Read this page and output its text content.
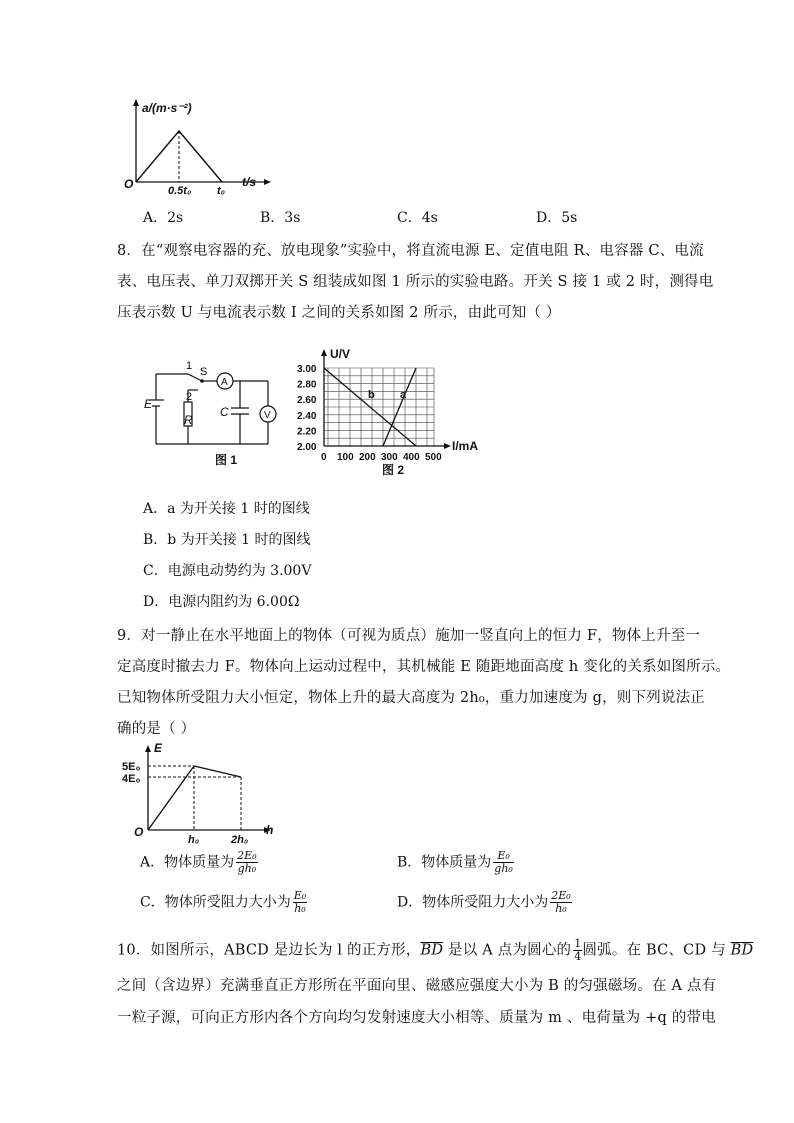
a/(m·s⁻²)
t/s
O	0.5t₀ t₀
A．2s	B．3s	C．4s	D．5s
8．在“观察电容器的充、放电现象”实验中，将直流电源 E、定值电阻 R、电容器 C、电流
表、电压表、单刀双掷开关 S 组装成如图 1 所示的实验电路。开关 S 接 1 或 2 时，测得电
压表示数 U 与电流表示数 I 之间的关系如图 2 所示，由此可知（ ）
1
2
S
A
V
E
R
C
图 1
b a
U/V
I/mA
3.00
2.80
2.60
2.40
2.20
2.00
0 100 200 300 400 500
图 2
A．a 为开关接 1 时的图线
B．b 为开关接 1 时的图线
C．电源电动势约为 3.00V
D．电源内阻约为 6.00Ω
9．对一静止在水平地面上的物体（可视为质点）施加一竖直向上的恒力 F，物体上升至一
定高度时撤去力 F。物体向上运动过程中，其机械能 E 随距地面高度 h 变化的关系如图所示。
已知物体所受阻力大小恒定，物体上升的最大高度为 2h₀，重力加速度为 g，则下列说法正
确的是（ ）
E
h
O
5E₀
4E₀
h₀	2h₀
A．物体质量为 $\frac{\text{2E₀}}{\text{gh₀}}$	B．物体质量为 $\frac{\text{E₀}}{\text{gh₀}}$
C．物体所受阻力大小为 $\frac{\text{E₀}}{\text{h₀}}$	D．物体所受阻力大小为 $\frac{\text{2E₀}}{\text{h₀}}$
10．如图所示，ABCD 是边长为 l 的正方形，$\overline{BD}$ 是以 A 点为圆心的 $\frac{1}{4}$ 圆弧。在 BC、CD 与 $\overline{BD}$
之间（含边界）充满垂直正方形所在平面向里、磁感应强度大小为 B 的匀强磁场。在 A 点有
一粒子源，可向正方形内各个方向均匀发射速度大小相等、质量为 m 、电荷量为 +q 的带电
